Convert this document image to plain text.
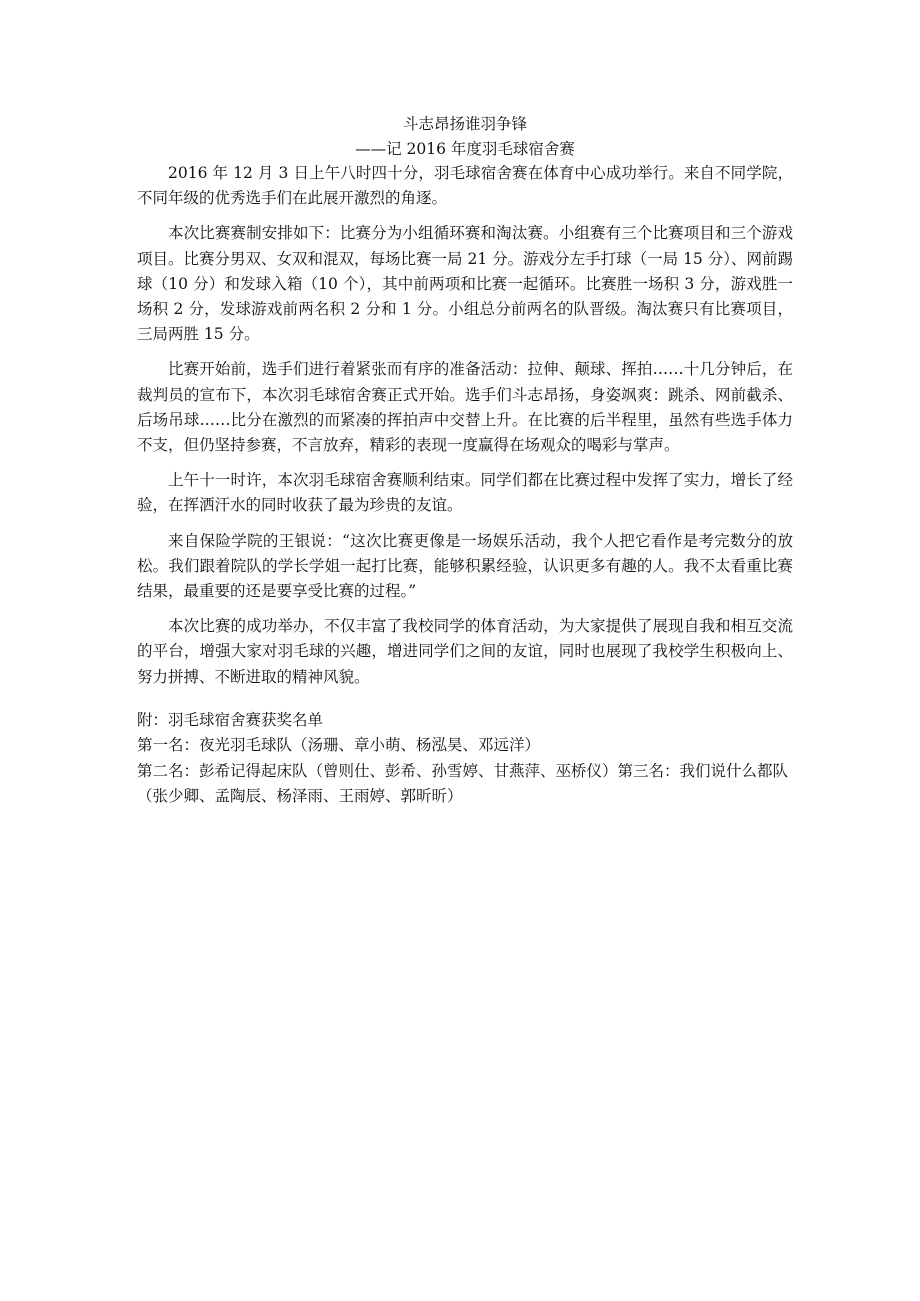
斗志昂扬谁羽争锋
——记 2016 年度羽毛球宿舍赛

2016 年 12 月 3 日上午八时四十分，羽毛球宿舍赛在体育中心成功举行。来自不同学院，不同年级的优秀选手们在此展开激烈的角逐。

本次比赛赛制安排如下：比赛分为小组循环赛和淘汰赛。小组赛有三个比赛项目和三个游戏项目。比赛分男双、女双和混双，每场比赛一局 21 分。游戏分左手打球（一局 15 分）、网前踢球（10 分）和发球入箱（10 个），其中前两项和比赛一起循环。比赛胜一场积 3 分，游戏胜一场积 2 分，发球游戏前两名积 2 分和 1 分。小组总分前两名的队晋级。淘汰赛只有比赛项目，三局两胜 15 分。

比赛开始前，选手们进行着紧张而有序的准备活动：拉伸、颠球、挥拍……十几分钟后，在裁判员的宣布下，本次羽毛球宿舍赛正式开始。选手们斗志昂扬，身姿飒爽：跳杀、网前截杀、后场吊球……比分在激烈的而紧凑的挥拍声中交替上升。在比赛的后半程里，虽然有些选手体力不支，但仍坚持参赛，不言放弃，精彩的表现一度赢得在场观众的喝彩与掌声。

上午十一时许，本次羽毛球宿舍赛顺利结束。同学们都在比赛过程中发挥了实力，增长了经验，在挥洒汗水的同时收获了最为珍贵的友谊。

来自保险学院的王银说：“这次比赛更像是一场娱乐活动，我个人把它看作是考完数分的放松。我们跟着院队的学长学姐一起打比赛，能够积累经验，认识更多有趣的人。我不太看重比赛结果，最重要的还是要享受比赛的过程。”

本次比赛的成功举办，不仅丰富了我校同学的体育活动，为大家提供了展现自我和相互交流的平台，增强大家对羽毛球的兴趣，增进同学们之间的友谊，同时也展现了我校学生积极向上、努力拼搏、不断进取的精神风貌。

附：羽毛球宿舍赛获奖名单

第一名：夜光羽毛球队（汤珊、章小萌、杨泓昊、邓远洋）

第二名：彭希记得起床队（曾则仕、彭希、孙雪婷、甘燕萍、巫桥仪）第三名：我们说什么都队（张少卿、孟陶辰、杨泽雨、王雨婷、郭昕昕）
